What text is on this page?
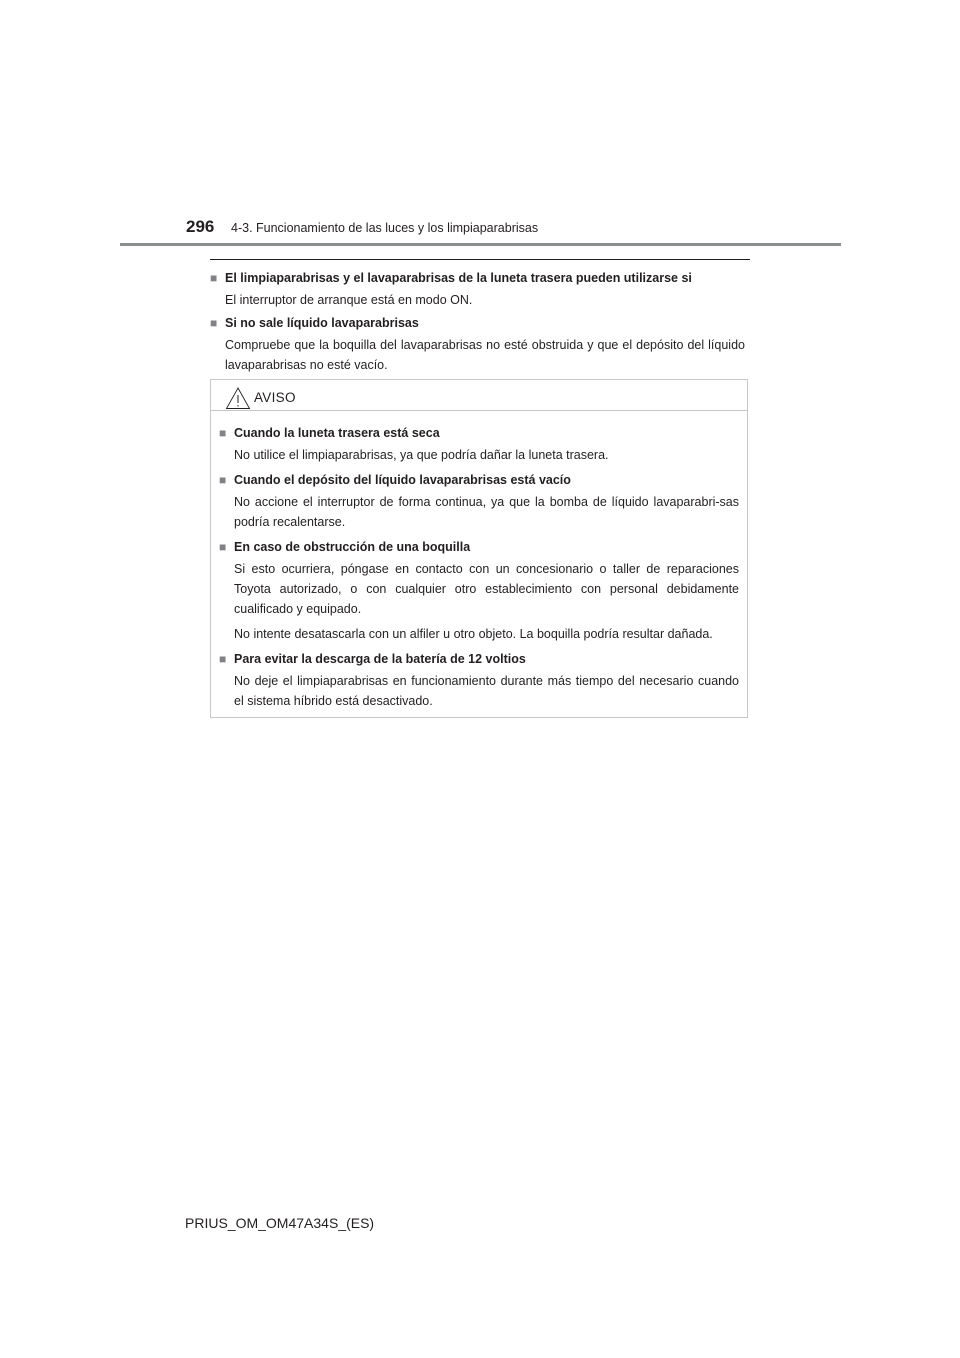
296 4-3. Funcionamiento de las luces y los limpiaparabrisas
■ El limpiaparabrisas y el lavaparabrisas de la luneta trasera pueden utilizarse si

El interruptor de arranque está en modo ON.

■ Si no sale líquido lavaparabrisas

Compruebe que la boquilla del lavaparabrisas no esté obstruida y que el depósito del líquido lavaparabrisas no esté vacío.

AVISO
■ Cuando la luneta trasera está seca

No utilice el limpiaparabrisas, ya que podría dañar la luneta trasera.

■ Cuando el depósito del líquido lavaparabrisas está vacío

No accione el interruptor de forma continua, ya que la bomba de líquido lavaparabri-sas podría recalentarse.

■ En caso de obstrucción de una boquilla

Si esto ocurriera, póngase en contacto con un concesionario o taller de reparaciones Toyota autorizado, o con cualquier otro establecimiento con personal debidamente cualificado y equipado.

No intente desatascarla con un alfiler u otro objeto. La boquilla podría resultar dañada.

■ Para evitar la descarga de la batería de 12 voltios

No deje el limpiaparabrisas en funcionamiento durante más tiempo del necesario cuando el sistema híbrido está desactivado.

PRIUS_OM_OM47A34S_(ES)
